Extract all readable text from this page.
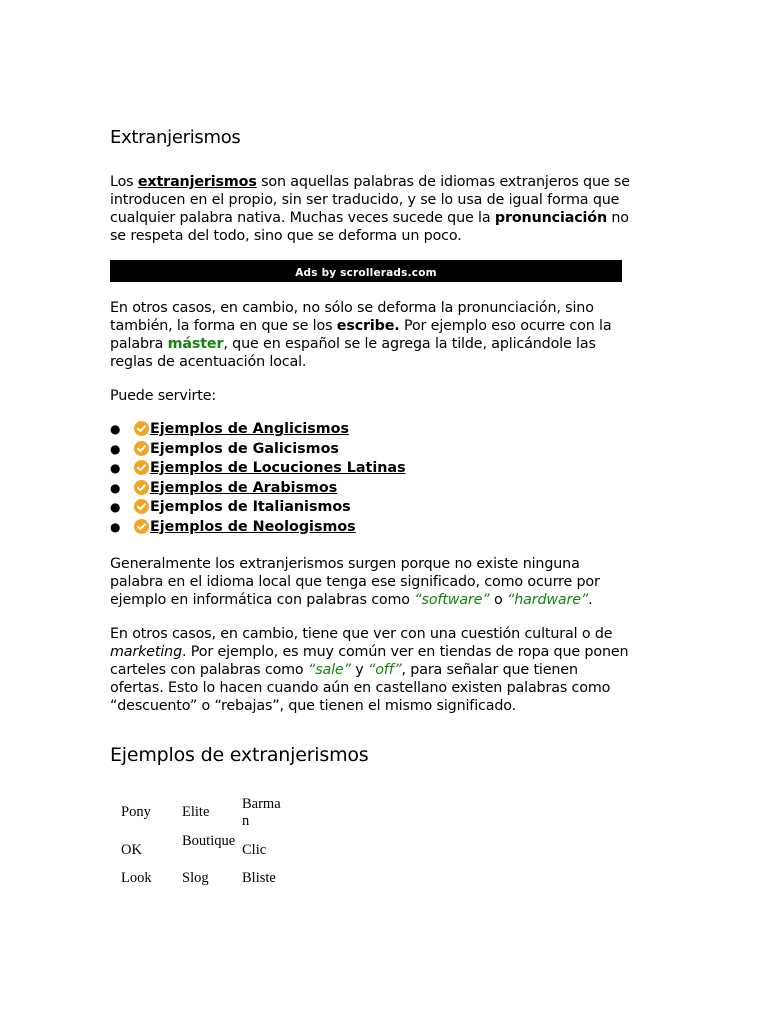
Extranjerismos

Los extranjerismos son aquellas palabras de idiomas extranjeros que se introducen en el propio, sin ser traducido, y se lo usa de igual forma que cualquier palabra nativa. Muchas veces sucede que la pronunciación no se respeta del todo, sino que se deforma un poco.

Ads by scrollerads.com

En otros casos, en cambio, no sólo se deforma la pronunciación, sino también, la forma en que se los escribe. Por ejemplo eso ocurre con la palabra máster, que en español se le agrega la tilde, aplicándole las reglas de acentuación local.

Puede servirte:

● Ejemplos de Anglicismos
● Ejemplos de Galicismos
● Ejemplos de Locuciones Latinas
● Ejemplos de Arabismos
● Ejemplos de Italianismos
● Ejemplos de Neologismos

Generalmente los extranjerismos surgen porque no existe ninguna palabra en el idioma local que tenga ese significado, como ocurre por ejemplo en informática con palabras como “software” o “hardware”.

En otros casos, en cambio, tiene que ver con una cuestión cultural o de marketing. Por ejemplo, es muy común ver en tiendas de ropa que ponen carteles con palabras como “sale” y “off”, para señalar que tienen ofertas. Esto lo hacen cuando aún en castellano existen palabras como “descuento” o “rebajas”, que tienen el mismo significado.

Ejemplos de extranjerismos
Pony	Elite	Barman
OK	Boutique	Clic
Look	Slog	Bliste
